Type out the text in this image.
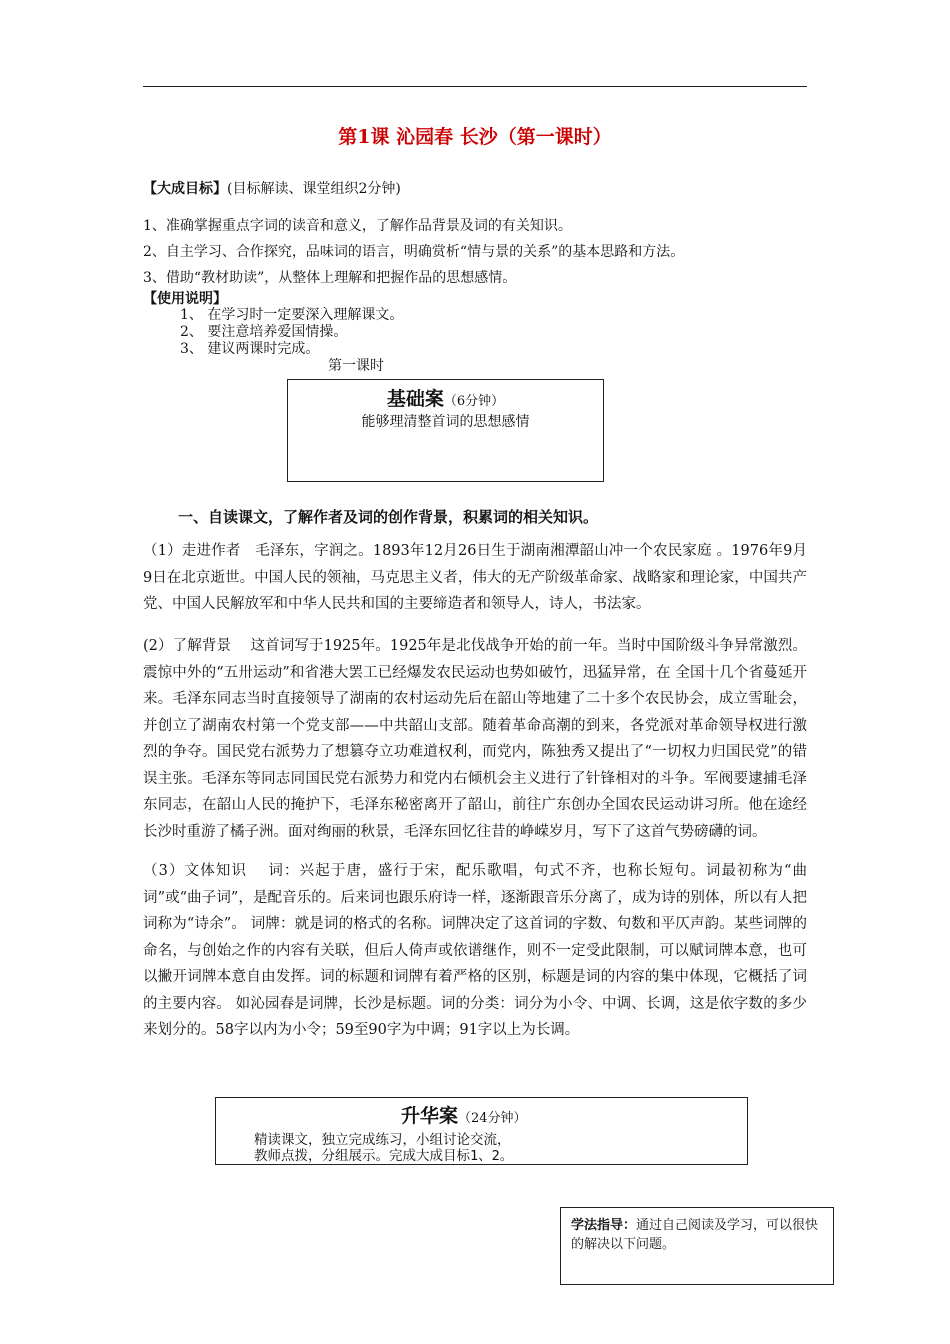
第1课 沁园春 长沙（第一课时）
【大成目标】(目标解读、课堂组织2分钟)
1、准确掌握重点字词的读音和意义，了解作品背景及词的有关知识。
2、自主学习、合作探究，品味词的语言，明确赏析“情与景的关系”的基本思路和方法。
3、借助“教材助读”，从整体上理解和把握作品的思想感情。
【使用说明】
1、 在学习时一定要深入理解课文。
2、 要注意培养爱国情操。
3、 建议两课时完成。
第一课时
基础案（6分钟）
能够理清整首词的思想感情
一、自读课文，了解作者及词的创作背景，积累词的相关知识。
（1）走进作者　毛泽东，字润之。1893年12月26日生于湖南湘潭韶山冲一个农民家庭 。1976年9月9日在北京逝世。中国人民的领袖，马克思主义者，伟大的无产阶级革命家、战略家和理论家，中国共产党、中国人民解放军和中华人民共和国的主要缔造者和领导人，诗人，书法家。
(2）了解背景　 这首词写于1925年。1925年是北伐战争开始的前一年。当时中国阶级斗争异常激烈。震惊中外的“五卅运动”和省港大罢工已经爆发农民运动也势如破竹，迅猛异常，在 全国十几个省蔓延开来。毛泽东同志当时直接领导了湖南的农村运动先后在韶山等地建了二十多个农民协会，成立雪耻会，并创立了湖南农村第一个党支部——中共韶山支部。随着革命高潮的到来，各党派对革命领导权进行激烈的争夺。国民党右派势力了想篡夺立功难道权利，而党内，陈独秀又提出了“一切权力归国民党”的错误主张。毛泽东等同志同国民党右派势力和党内右倾机会主义进行了针锋相对的斗争。军阀要逮捕毛泽东同志，在韶山人民的掩护下，毛泽东秘密离开了韶山，前往广东创办全国农民运动讲习所。他在途经长沙时重游了橘子洲。面对绚丽的秋景，毛泽东回忆往昔的峥嵘岁月，写下了这首气势磅礴的词。
（3）文体知识　 词：兴起于唐，盛行于宋，配乐歌唱，句式不齐，也称长短句。词最初称为“曲词”或“曲子词”，是配音乐的。后来词也跟乐府诗一样，逐渐跟音乐分离了，成为诗的别体，所以有人把词称为“诗余”。 词牌：就是词的格式的名称。词牌决定了这首词的字数、句数和平仄声韵。某些词牌的命名，与创始之作的内容有关联，但后人倚声或依谱继作，则不一定受此限制，可以赋词牌本意，也可以撇开词牌本意自由发挥。词的标题和词牌有着严格的区别，标题是词的内容的集中体现，它概括了词的主要内容。 如沁园春是词牌，长沙是标题。词的分类：词分为小令、中调、长调，这是依字数的多少来划分的。58字以内为小令；59至90字为中调；91字以上为长调。
升华案（24分钟）
精读课文，独立完成练习，小组讨论交流，
教师点拨，分组展示。完成大成目标1、2。
学法指导：通过自己阅读及学习，可以很快的解决以下问题。
